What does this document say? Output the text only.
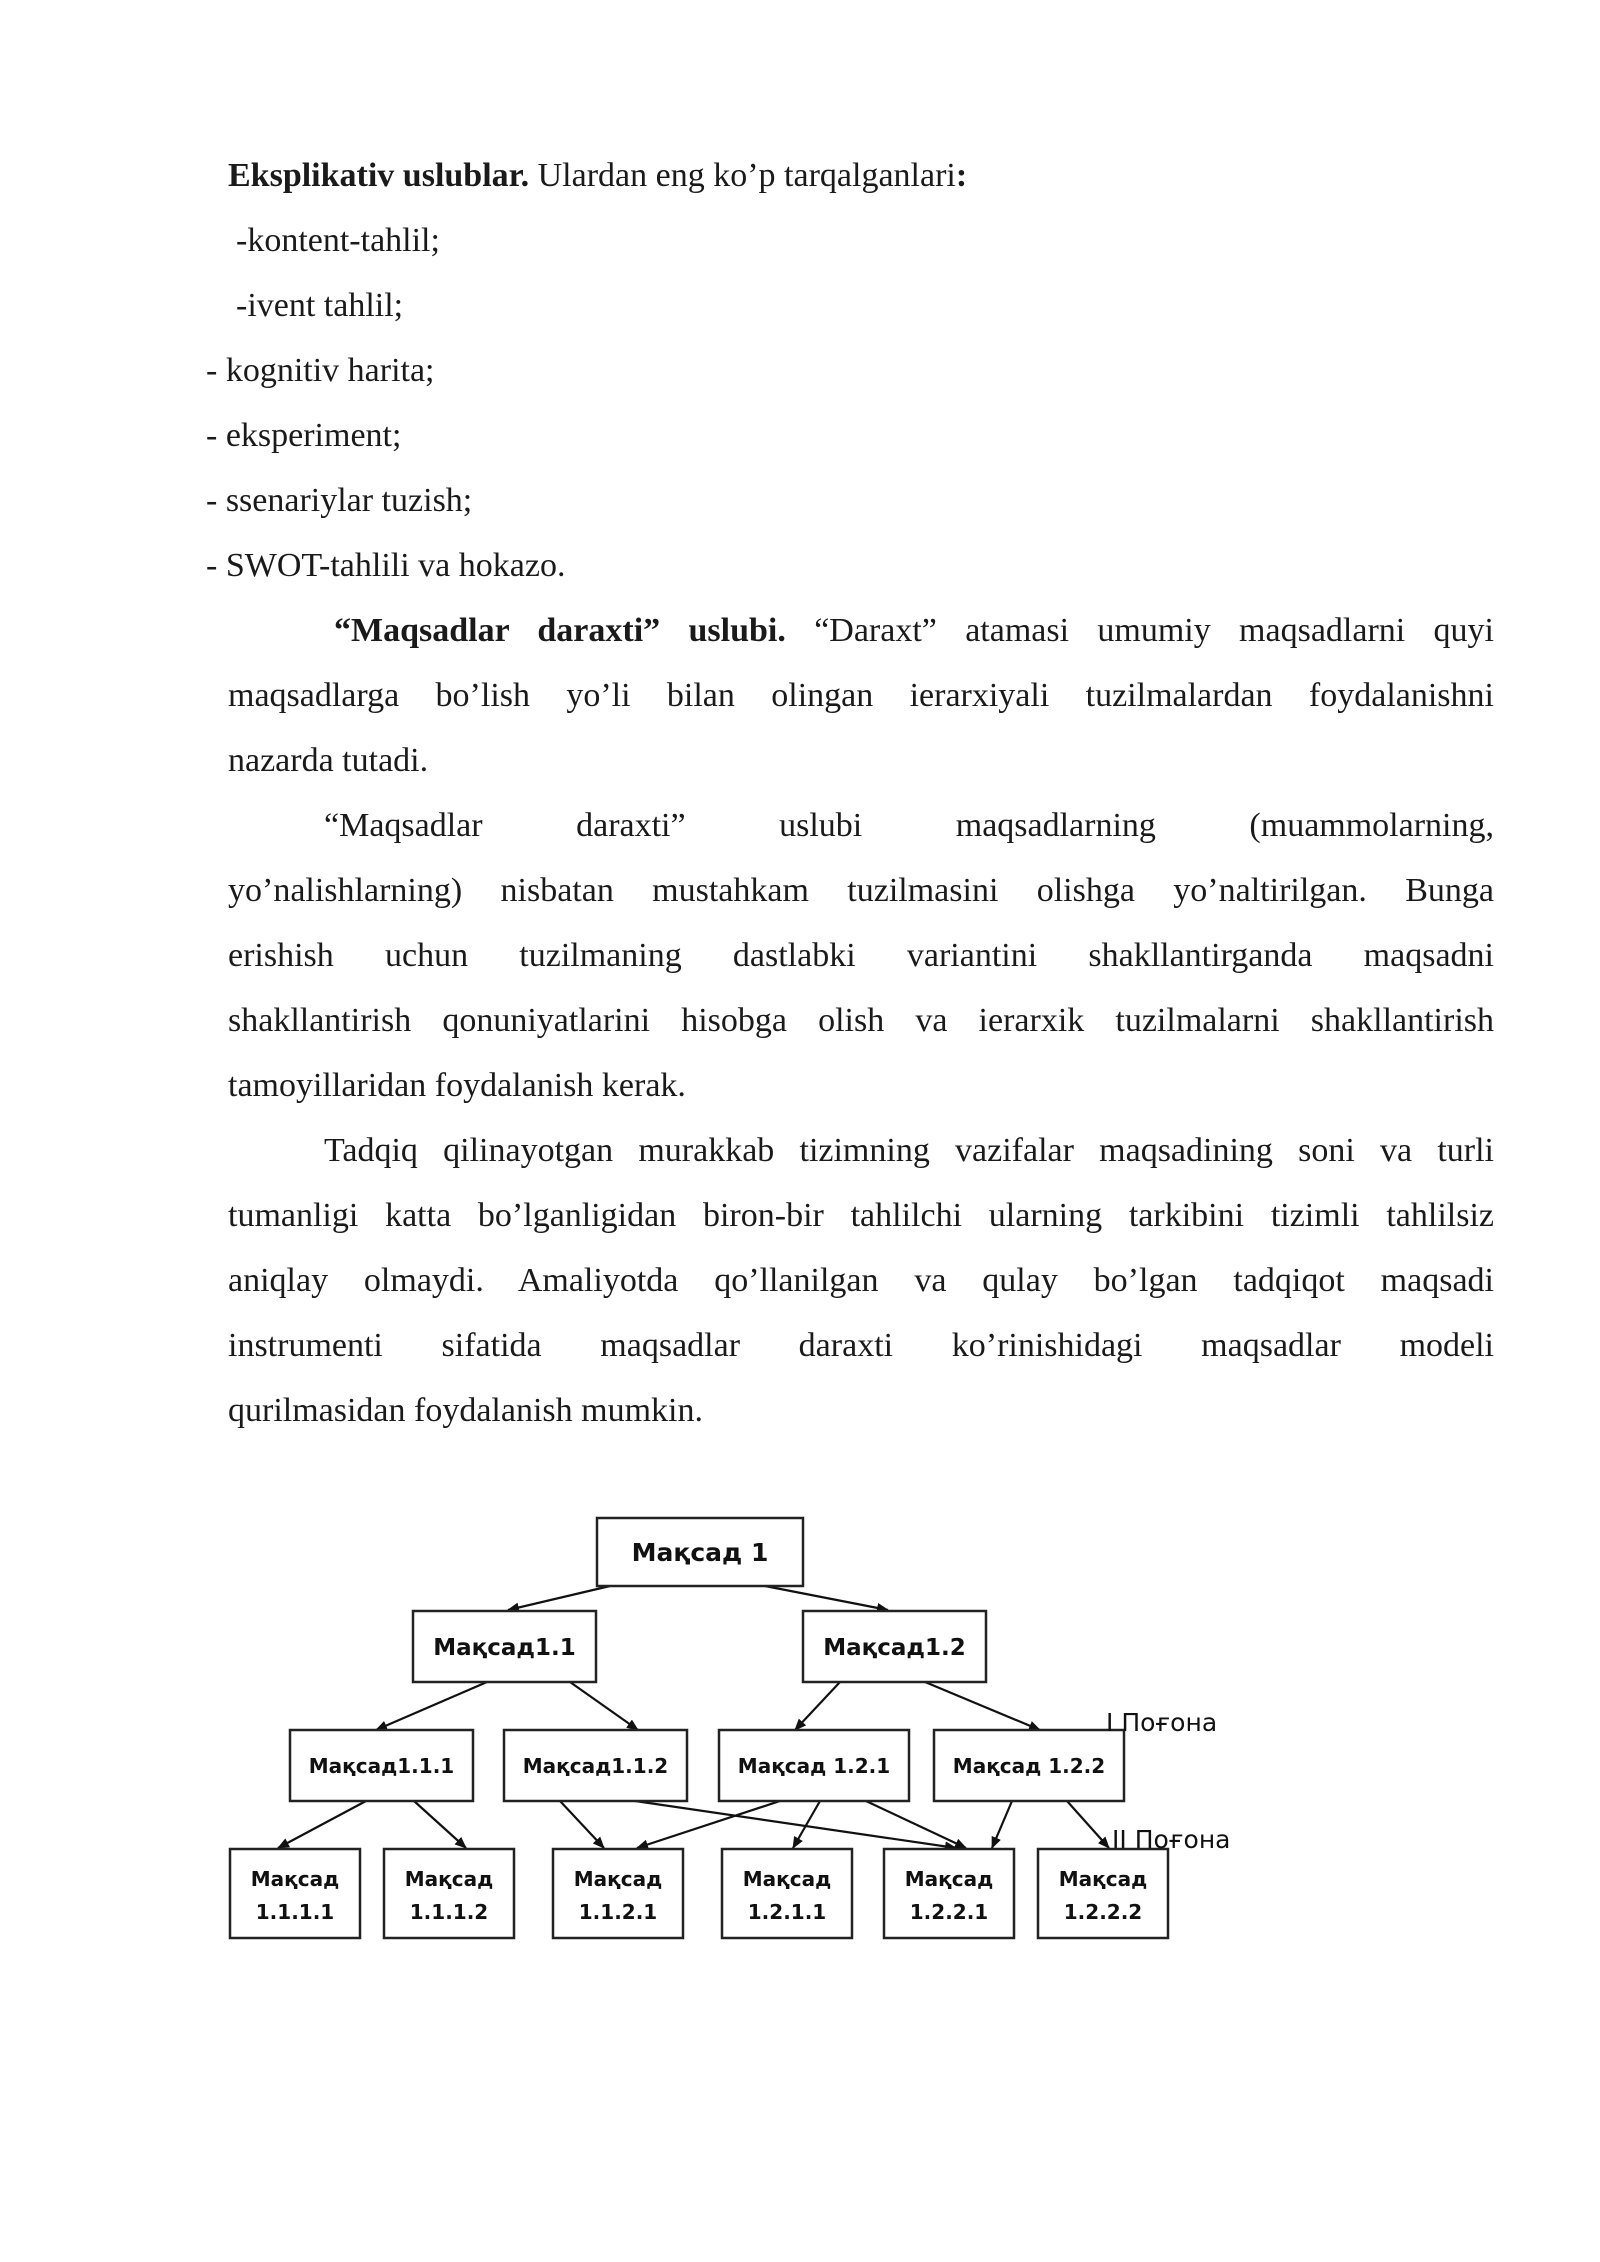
Eksplikativ uslublar. Ulardan eng ko’p tarqalganlari:
-kontent-tahlil;
-ivent tahlil;
- kognitiv harita;
- eksperiment;
- ssenariylar tuzish;
- SWOT-tahlili va hokazo.
“Maqsadlar daraxti” uslubi. “Daraxt” atamasi umumiy maqsadlarni quyi
maqsadlarga bo’lish yo’li bilan olingan ierarxiyali tuzilmalardan foydalanishni
nazarda tutadi.
“Maqsadlar daraxti” uslubi maqsadlarning (muammolarning,
yo’nalishlarning) nisbatan mustahkam tuzilmasini olishga yo’naltirilgan. Bunga
erishish uchun tuzilmaning dastlabki variantini shakllantirganda maqsadni
shakllantirish qonuniyatlarini hisobga olish va ierarxik tuzilmalarni shakllantirish
tamoyillaridan foydalanish kerak.
Tadqiq qilinayotgan murakkab tizimning vazifalar maqsadining soni va turli
tumanligi katta bo’lganligidan biron-bir tahlilchi ularning tarkibini tizimli tahlilsiz
aniqlay olmaydi. Amaliyotda qo’llanilgan va qulay bo’lgan tadqiqot maqsadi
instrumenti sifatida maqsadlar daraxti ko’rinishidagi maqsadlar modeli
qurilmasidan foydalanish mumkin.
Мақсад 1
Мақсад1.1	Мақсад1.2
Мақсад1.1.1	Мақсад1.1.2	Мақсад 1.2.1	Мақсад 1.2.2
Мақсад
1.1.1.1
Мақсад
1.1.1.2
Мақсад
1.1.2.1
Мақсад
1.2.1.1
Мақсад
1.2.2.1
Мақсад
1.2.2.2
I Поғона
II Поғона
